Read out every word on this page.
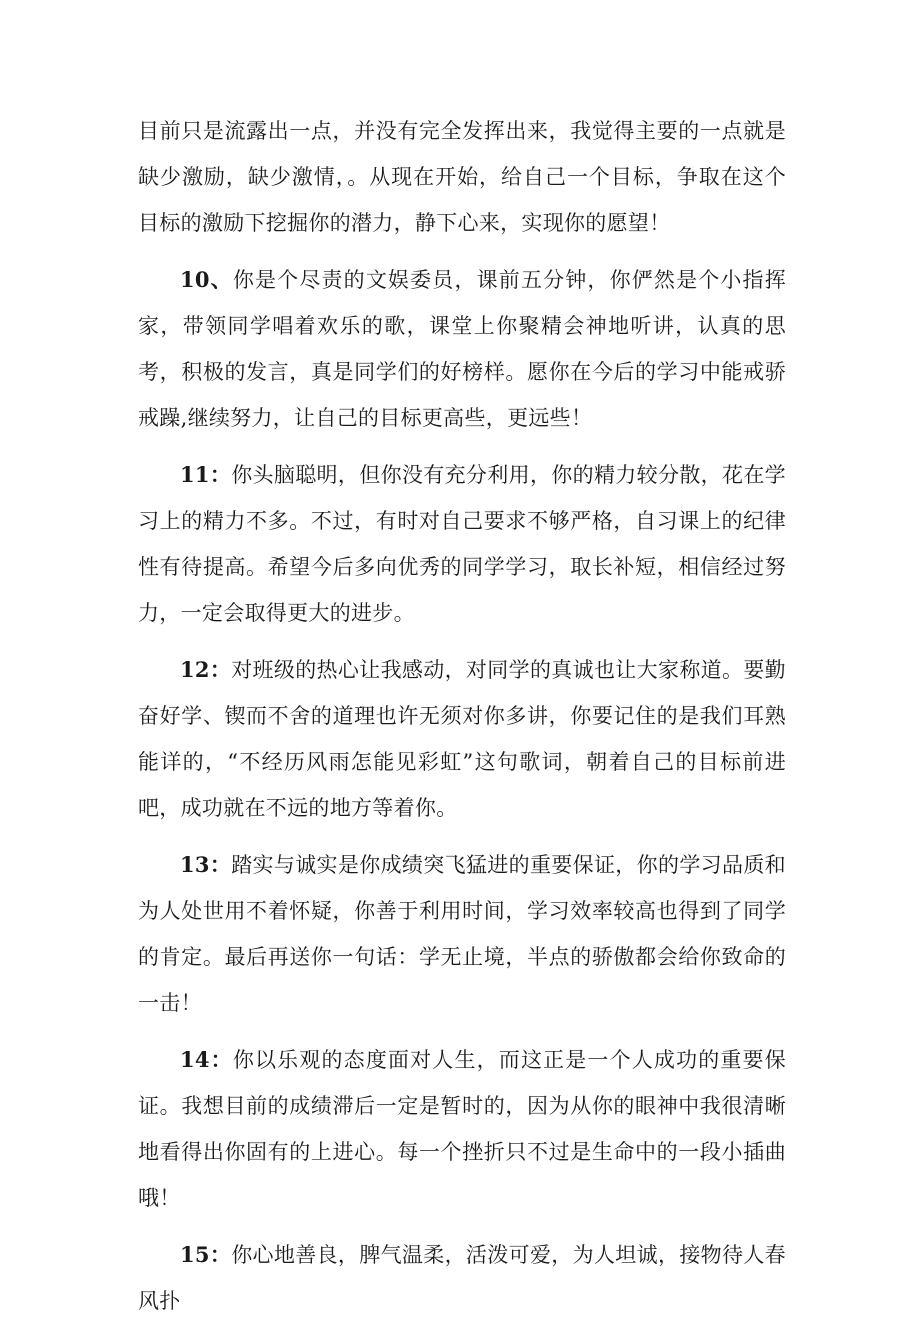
目前只是流露出一点，并没有完全发挥出来，我觉得主要的一点就是缺少激励，缺少激情，。从现在开始，给自己一个目标，争取在这个目标的激励下挖掘你的潜力，静下心来，实现你的愿望！

10、你是个尽责的文娱委员，课前五分钟，你俨然是个小指挥家，带领同学唱着欢乐的歌，课堂上你聚精会神地听讲，认真的思考，积极的发言，真是同学们的好榜样。愿你在今后的学习中能戒骄戒躁,继续努力，让自己的目标更高些，更远些！

11：你头脑聪明，但你没有充分利用，你的精力较分散，花在学习上的精力不多。不过，有时对自己要求不够严格，自习课上的纪律性有待提高。希望今后多向优秀的同学学习，取长补短，相信经过努力，一定会取得更大的进步。

12：对班级的热心让我感动，对同学的真诚也让大家称道。要勤奋好学、锲而不舍的道理也许无须对你多讲，你要记住的是我们耳熟能详的，“不经历风雨怎能见彩虹”这句歌词，朝着自己的目标前进吧，成功就在不远的地方等着你。

13：踏实与诚实是你成绩突飞猛进的重要保证，你的学习品质和为人处世用不着怀疑，你善于利用时间，学习效率较高也得到了同学的肯定。最后再送你一句话：学无止境，半点的骄傲都会给你致命的一击！

14：你以乐观的态度面对人生，而这正是一个人成功的重要保证。我想目前的成绩滞后一定是暂时的，因为从你的眼神中我很清晰地看得出你固有的上进心。每一个挫折只不过是生命中的一段小插曲哦！

15：你心地善良，脾气温柔，活泼可爱，为人坦诚，接物待人春风扑
